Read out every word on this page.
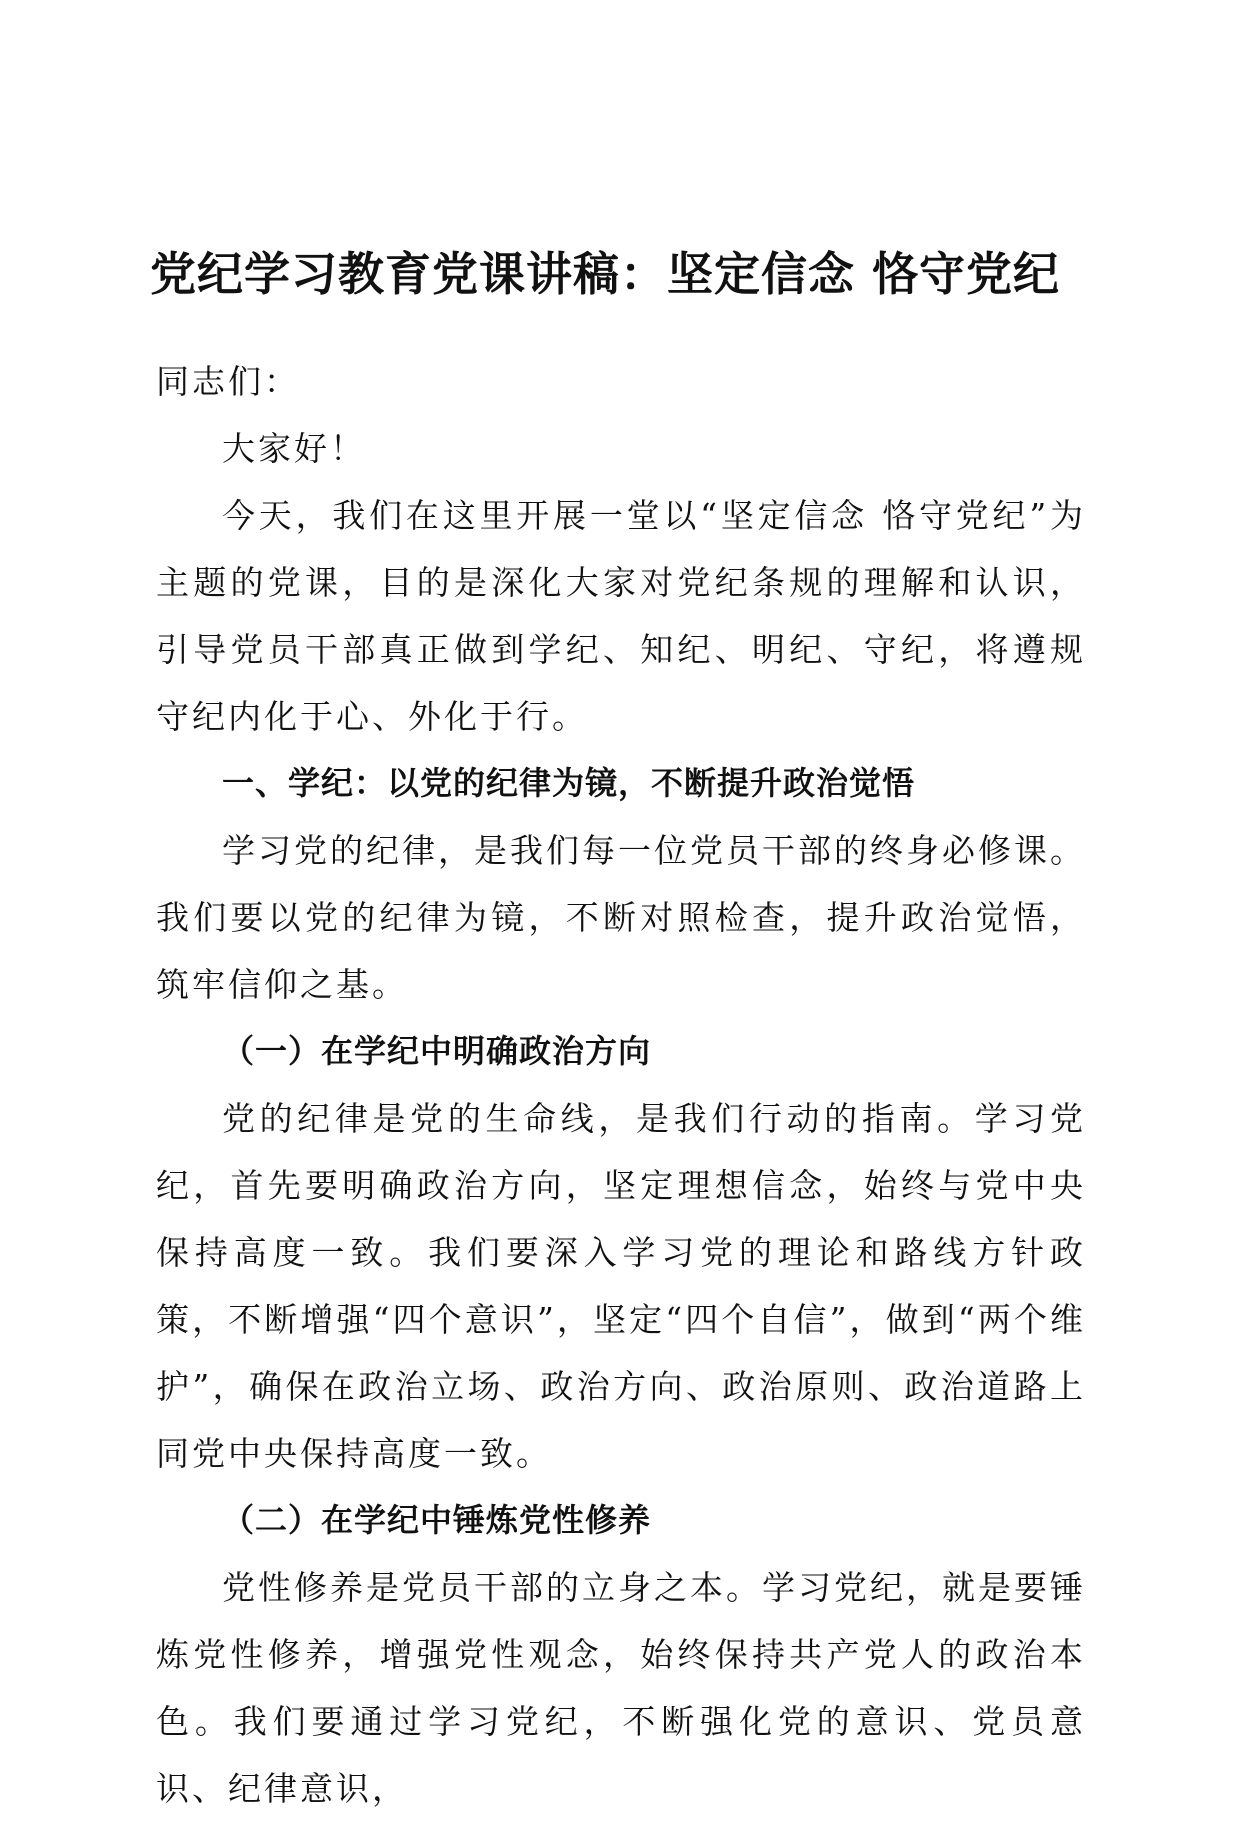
党纪学习教育党课讲稿：坚定信念 恪守党纪

同志们：

大家好！

今天，我们在这里开展一堂以“坚定信念 恪守党纪”为主题的党课，目的是深化大家对党纪条规的理解和认识，引导党员干部真正做到学纪、知纪、明纪、守纪，将遵规守纪内化于心、外化于行。

一、学纪：以党的纪律为镜，不断提升政治觉悟

学习党的纪律，是我们每一位党员干部的终身必修课。我们要以党的纪律为镜，不断对照检查，提升政治觉悟，筑牢信仰之基。

（一）在学纪中明确政治方向

党的纪律是党的生命线，是我们行动的指南。学习党纪，首先要明确政治方向，坚定理想信念，始终与党中央保持高度一致。我们要深入学习党的理论和路线方针政策，不断增强“四个意识”，坚定“四个自信”，做到“两个维护”，确保在政治立场、政治方向、政治原则、政治道路上同党中央保持高度一致。

（二）在学纪中锤炼党性修养

党性修养是党员干部的立身之本。学习党纪，就是要锤炼党性修养，增强党性观念，始终保持共产党人的政治本色。我们要通过学习党纪，不断强化党的意识、党员意识、纪律意识，
